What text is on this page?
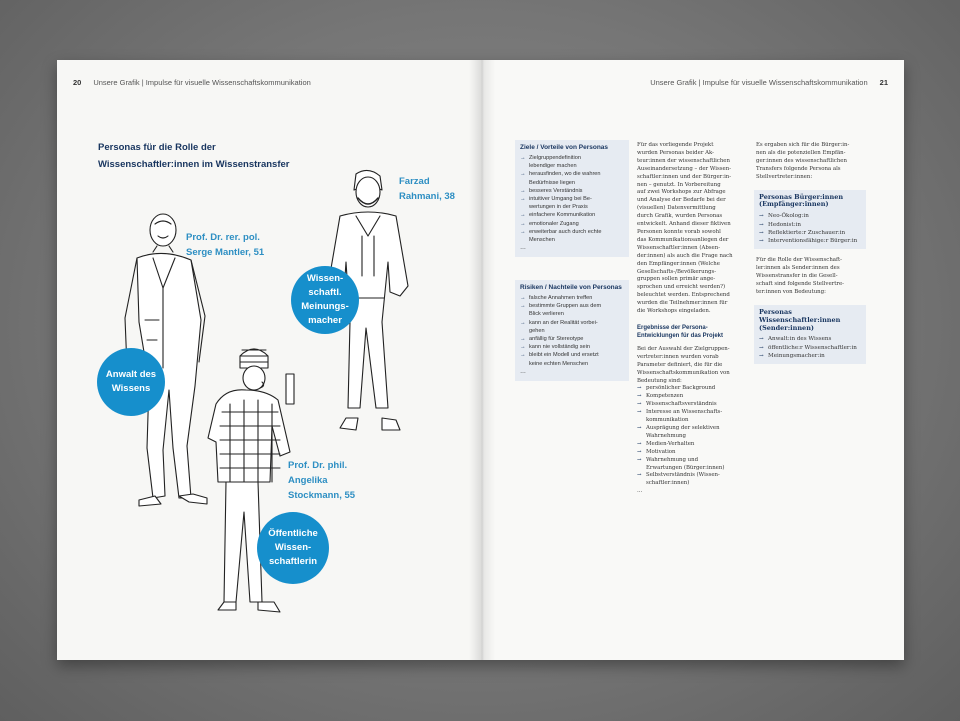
20 Unsere Grafik | Impulse für visuelle Wissenschaftskommunikation
Personas für die Rolle der
Wissenschaftler:innen im Wissenstransfer
Prof. Dr. rer. pol.
Serge Mantler, 51
Farzad
Rahmani, 38
Prof. Dr. phil.
Angelika
Stockmann, 55
Anwalt des
Wissens
Wissen-
schaftl.
Meinungs-
macher
Öffentliche
Wissen-
schaftlerin
Unsere Grafik | Impulse für visuelle Wissenschaftskommunikation 21
Ziele / Vorteile von Personas
→ Zielgruppendefinition
lebendiger machen
→ herausfinden, wo die wahren
Bedürfnisse liegen
→ besseres Verständnis
→ intuitiver Umgang bei Be-
wertungen in der Praxis
→ einfachere Kommunikation
→ emotionaler Zugang
→ erweiterbar auch durch echte
Menschen
…
Risiken / Nachteile von Personas
→ falsche Annahmen treffen
→ bestimmte Gruppen aus dem
Blick verlieren
→ kann an der Realität vorbei-
gehen
→ anfällig für Stereotype
→ kann nie vollständig sein
→ bleibt ein Modell und ersetzt
keine echten Menschen
…

Für das vorliegende Projekt
wurden Personas beider Ak-
teur:innen der wissenschaftlichen
Auseinandersetzung – der Wissen-
schaftler:innen und der Bürger:in-
nen – genutzt. In Vorbereitung
auf zwei Workshops zur Abfrage
und Analyse der Bedarfe bei der
(visuellen) Datenvermittlung
durch Grafik, wurden Personas
entwickelt. Anhand dieser fiktiven
Personen konnte vorab sowohl
das Kommunikationsanliegen der
Wissenschaftler:innen (Absen-
der:innen) als auch die Frage nach
den Empfänger:innen (Welche
Gesellschafts-/Bevölkerungs-
gruppen sollen primär ange-
sprochen und erreicht werden?)
beleuchtet werden. Entsprechend
wurden die Teilnehmer:innen für
die Workshops eingeladen.

Ergebnisse der Persona-
Entwicklungen für das Projekt

Bei der Auswahl der Zielgruppen-
vertreter:innen wurden vorab
Parameter definiert, die für die
Wissenschaftskommunikation von
Bedeutung sind:

→ persönlicher Background
→ Kompetenzen
→ Wissenschaftsverständnis
→ Interesse an Wissenschafts-
kommunikation
→ Ausprägung der selektiven
Wahrnehmung
→ Medien-Verhalten
→ Motivation
→ Wahrnehmung und
Erwartungen (Bürger:innen)
→ Selbstverständnis (Wissen-
schaftler:innen)

…

Es ergaben sich für die Bürger:in-
nen als die potenziellen Empfän-
ger:innen des wissenschaftlichen
Transfers folgende Persona als
Stellvertreter:innen:

Personas Bürger:innen
(Empfänger:innen)
→ Neo-Ökolog:in
→ Hedonist:in
→ Reflektierte:r Zuschauer:in
→ Interventionsfähige:r Bürger:in

Für die Rolle der Wissenschaft-
ler:innen als Sender:innen des
Wissenstransfer in die Gesell-
schaft sind folgende Stellvertre-
ter:innen von Bedeutung:

Personas Wissenschaftler:innen
(Sender:innen)
→ Anwalt:in des Wissens
→ öffentliche:r Wissenschaftler:in
→ Meinungsmacher:in
